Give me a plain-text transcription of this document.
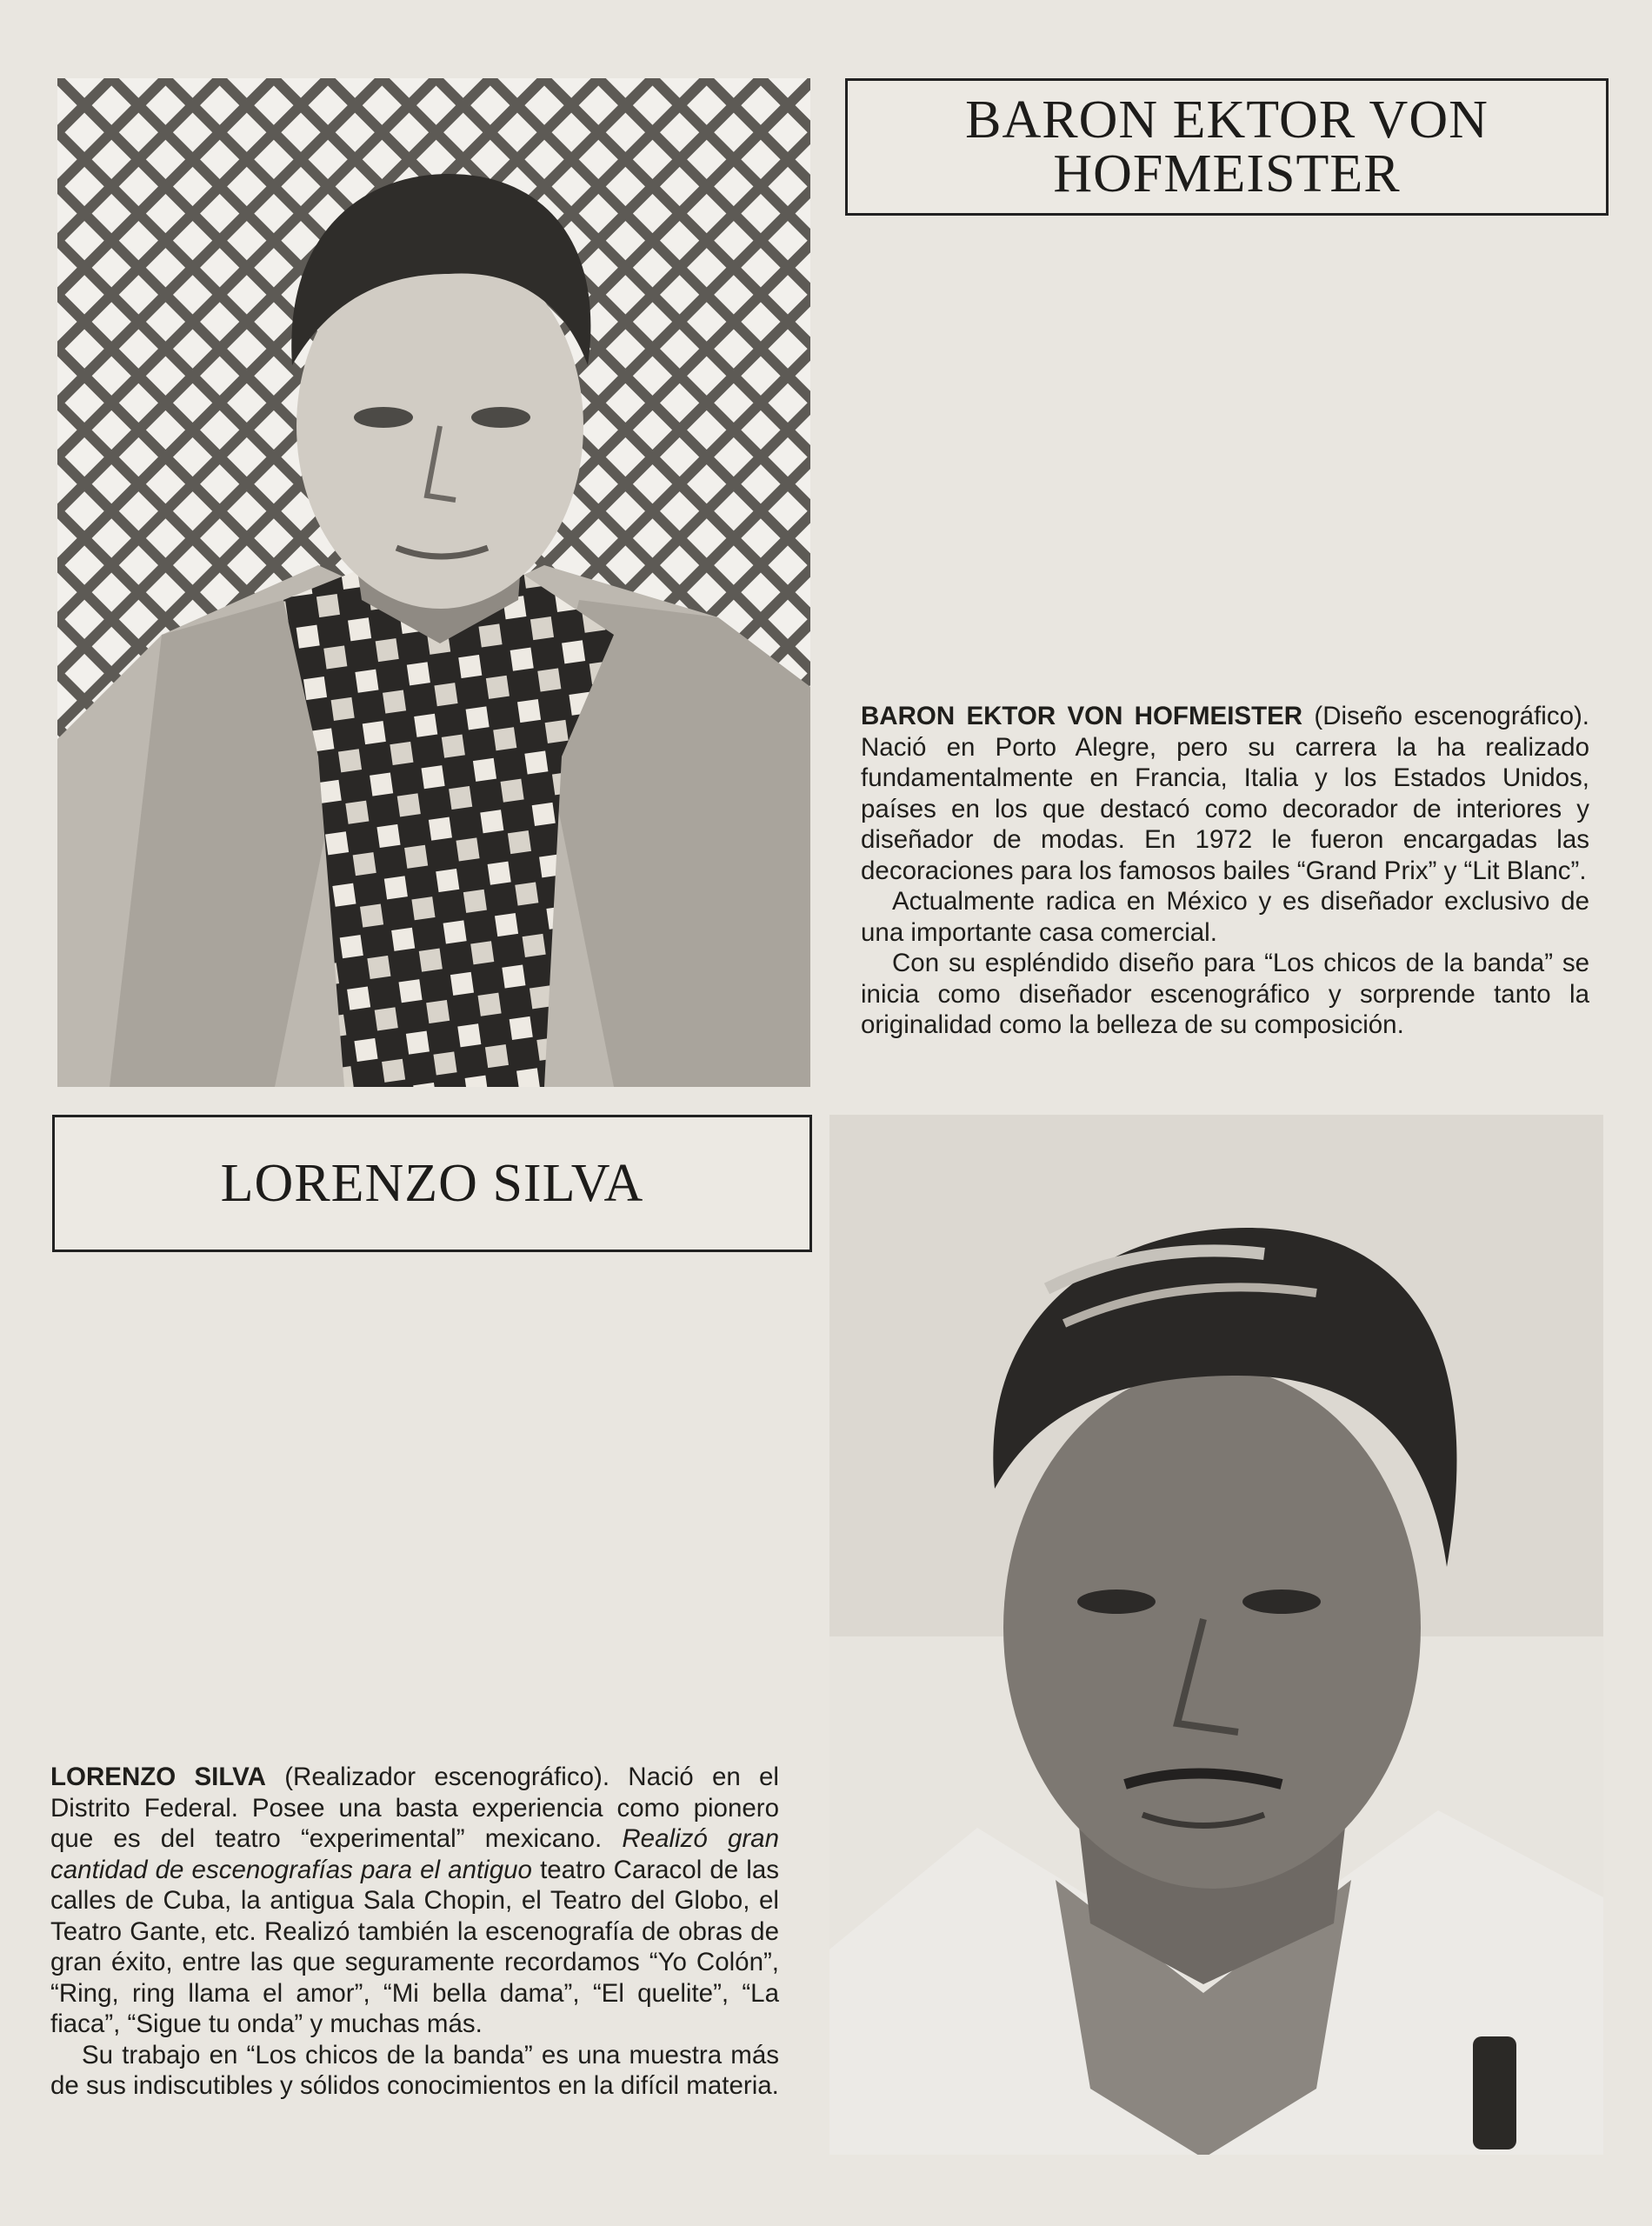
BARON EKTOR VON
HOFMEISTER

BARON EKTOR VON HOFMEISTER (Diseño escenográfico). Nació en Porto Alegre, pero su carrera la ha realizado fundamentalmente en Francia, Italia y los Estados Unidos, países en los que destacó como decorador de interiores y diseñador de modas. En 1972 le fueron encargadas las decoraciones para los famosos bailes “Grand Prix” y “Lit Blanc”.

Actualmente radica en México y es diseñador exclusivo de una importante casa comercial.

Con su espléndido diseño para “Los chicos de la banda” se inicia como diseñador escenográfico y sorprende tanto la originalidad como la belleza de su composición.

LORENZO SILVA

LORENZO SILVA (Realizador escenográfico). Nació en el Distrito Federal. Posee una basta experiencia como pionero que es del teatro “experimental” mexicano. Realizó gran cantidad de escenografías para el antiguo teatro Caracol de las calles de Cuba, la antigua Sala Chopin, el Teatro del Globo, el Teatro Gante, etc. Realizó también la escenografía de obras de gran éxito, entre las que seguramente recordamos “Yo Colón”, “Ring, ring llama el amor”, “Mi bella dama”, “El quelite”, “La fiaca”, “Sigue tu onda” y muchas más.

Su trabajo en “Los chicos de la banda” es una muestra más de sus indiscutibles y sólidos conocimientos en la difícil materia.
